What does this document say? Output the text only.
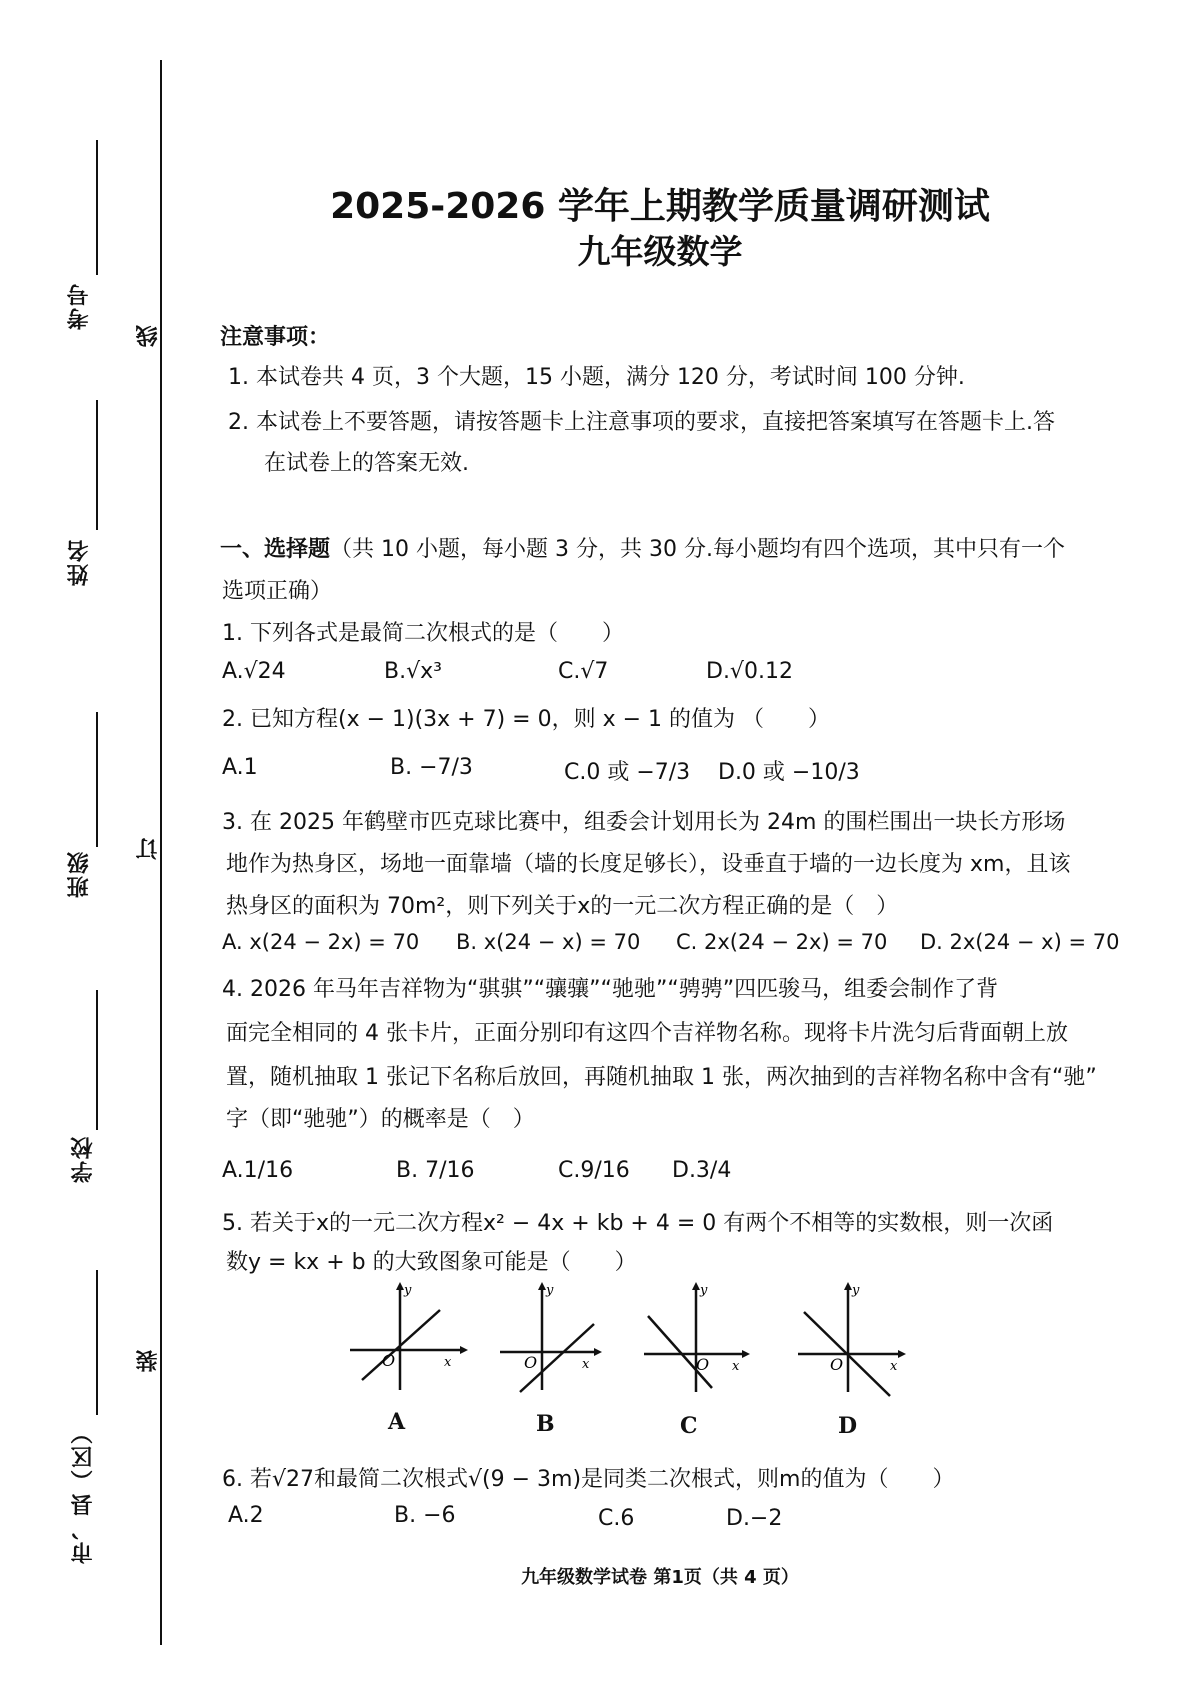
考号
姓名
班级
学校
市、县（区）
线
订
装
2025-2026 学年上期教学质量调研测试
九年级数学
注意事项：
1. 本试卷共 4 页，3 个大题，15 小题，满分 120 分，考试时间 100 分钟.
2. 本试卷上不要答题，请按答题卡上注意事项的要求，直接把答案填写在答题卡上.答
在试卷上的答案无效.
一、选择题（共 10 小题，每小题 3 分，共 30 分.每小题均有四个选项，其中只有一个
选项正确）
1. 下列各式是最简二次根式的是（　　）
A.√24	B.√x³	C.√7	D.√0.12
2. 已知方程(x − 1)(3x + 7) = 0，则 x − 1 的值为 （　　）
A.1	B. −7/3	C.0 或 −7/3 D.0 或 −10/3
3. 在 2025 年鹤壁市匹克球比赛中，组委会计划用长为 24m 的围栏围出一块长方形场
地作为热身区，场地一面靠墙（墙的长度足够长），设垂直于墙的一边长度为 xm，且该
热身区的面积为 70m²，则下列关于x的一元二次方程正确的是（　）
A. x(24 − 2x) = 70 B. x(24 − x) = 70 C. 2x(24 − 2x) = 70 D. 2x(24 − x) = 70
4. 2026 年马年吉祥物为“骐骐”“骧骧”“驰驰”“骋骋”四匹骏马，组委会制作了背
面完全相同的 4 张卡片，正面分别印有这四个吉祥物名称。现将卡片洗匀后背面朝上放
置，随机抽取 1 张记下名称后放回，再随机抽取 1 张，两次抽到的吉祥物名称中含有“驰”
字（即“驰驰”）的概率是（　）
A.1/16	B. 7/16	C.9/16 D.3/4
5. 若关于x的一元二次方程x² − 4x + kb + 4 = 0 有两个不相等的实数根，则一次函
数y = kx + b 的大致图象可能是（　　）
y
O	x
y
O	x
y
O x
y
O	x
A	B	C	D
6. 若√27和最简二次根式√(9 − 3m)是同类二次根式，则m的值为（　　）
A.2	B. −6	C.6	D.−2
九年级数学试卷 第1页（共 4 页）
